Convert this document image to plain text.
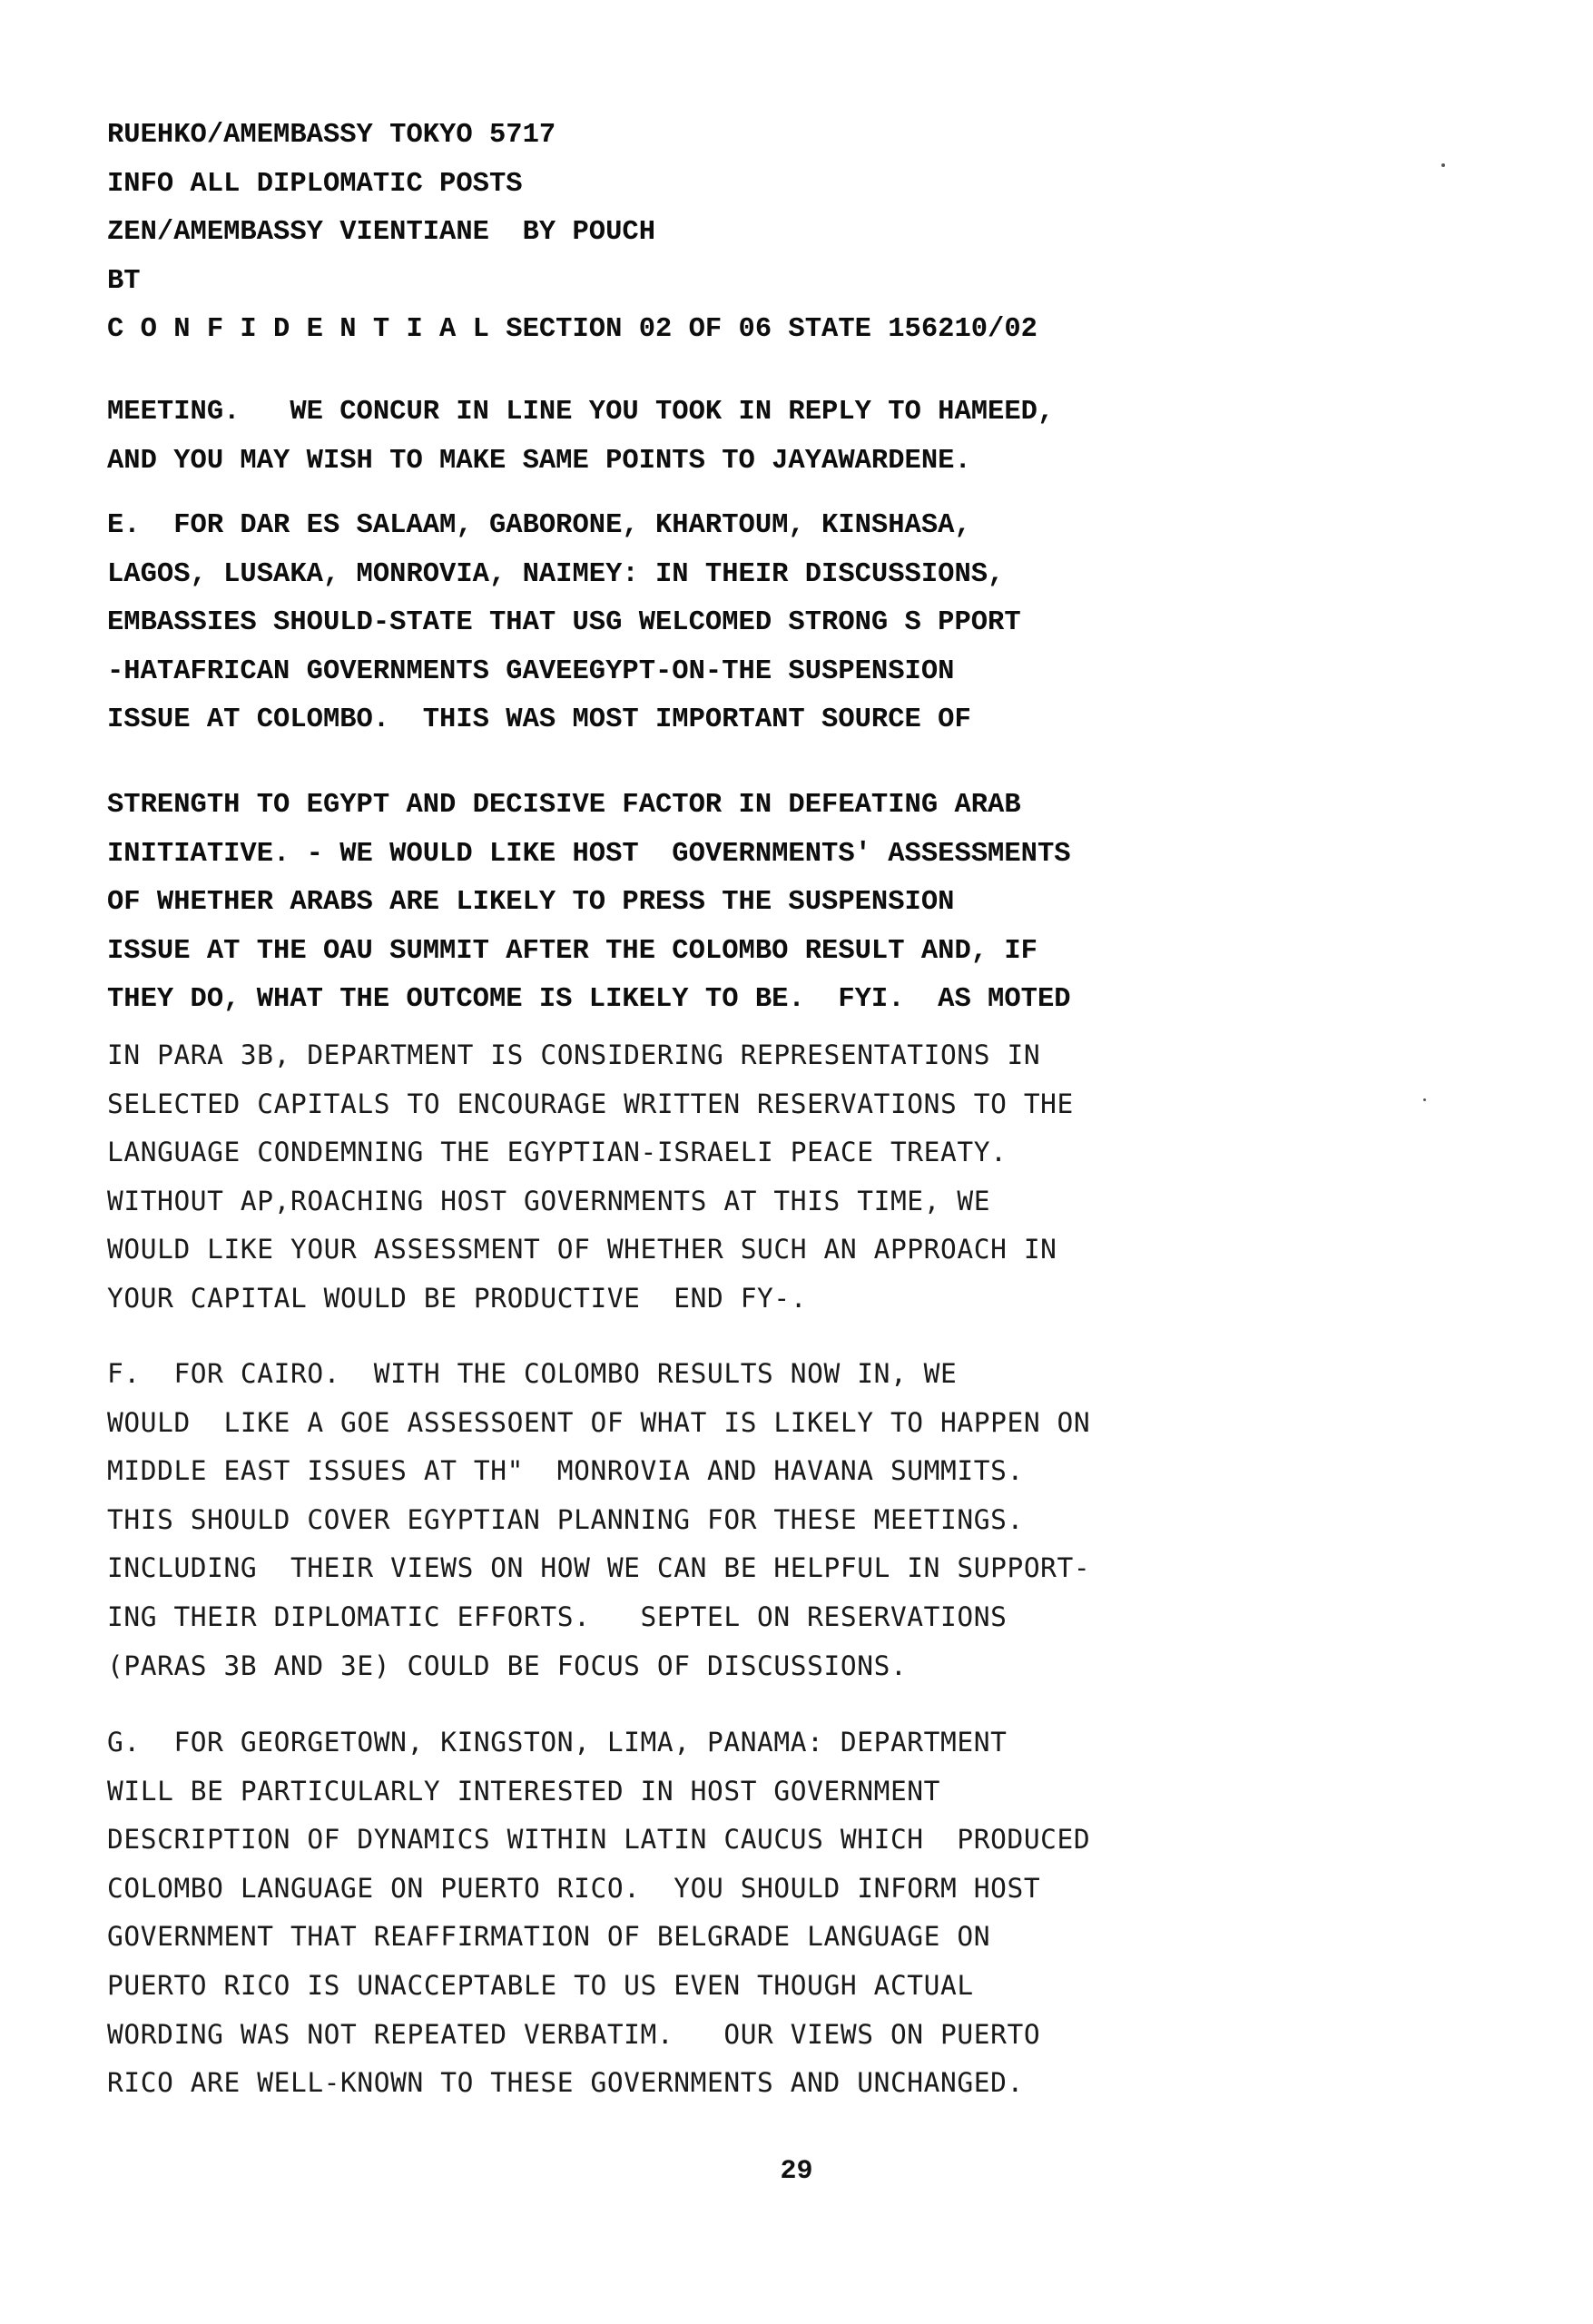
RUEHKO/AMEMBASSY TOKYO 5717
INFO ALL DIPLOMATIC POSTS
ZEN/AMEMBASSY VIENTIANE  BY POUCH
BT
C O N F I D E N T I A L SECTION 02 OF 06 STATE 156210/02
MEETING.   WE CONCUR IN LINE YOU TOOK IN REPLY TO HAMEED,
AND YOU MAY WISH TO MAKE SAME POINTS TO JAYAWARDENE.
E.  FOR DAR ES SALAAM, GABORONE, KHARTOUM, KINSHASA,
LAGOS, LUSAKA, MONROVIA, NAIMEY: IN THEIR DISCUSSIONS,
EMBASSIES SHOULD-STATE THAT USG WELCOMED STRONG S PPORT
-HATAFRICAN GOVERNMENTS GAVEEGYPT-ON-THE SUSPENSION
ISSUE AT COLOMBO.  THIS WAS MOST IMPORTANT SOURCE OF
STRENGTH TO EGYPT AND DECISIVE FACTOR IN DEFEATING ARAB
INITIATIVE. - WE WOULD LIKE HOST  GOVERNMENTS' ASSESSMENTS
OF WHETHER ARABS ARE LIKELY TO PRESS THE SUSPENSION
ISSUE AT THE OAU SUMMIT AFTER THE COLOMBO RESULT AND, IF
THEY DO, WHAT THE OUTCOME IS LIKELY TO BE.  FYI.  AS MOTED
IN PARA 3B, DEPARTMENT IS CONSIDERING REPRESENTATIONS IN
SELECTED CAPITALS TO ENCOURAGE WRITTEN RESERVATIONS TO THE
LANGUAGE CONDEMNING THE EGYPTIAN-ISRAELI PEACE TREATY.
WITHOUT AP,ROACHING HOST GOVERNMENTS AT THIS TIME, WE
WOULD LIKE YOUR ASSESSMENT OF WHETHER SUCH AN APPROACH IN
YOUR CAPITAL WOULD BE PRODUCTIVE  END FY-.
F.  FOR CAIRO.  WITH THE COLOMBO RESULTS NOW IN, WE
WOULD  LIKE A GOE ASSESSOENT OF WHAT IS LIKELY TO HAPPEN ON
MIDDLE EAST ISSUES AT TH"  MONROVIA AND HAVANA SUMMITS.
THIS SHOULD COVER EGYPTIAN PLANNING FOR THESE MEETINGS.
INCLUDING  THEIR VIEWS ON HOW WE CAN BE HELPFUL IN SUPPORT-
ING THEIR DIPLOMATIC EFFORTS.   SEPTEL ON RESERVATIONS
(PARAS 3B AND 3E) COULD BE FOCUS OF DISCUSSIONS.
G.  FOR GEORGETOWN, KINGSTON, LIMA, PANAMA: DEPARTMENT
WILL BE PARTICULARLY INTERESTED IN HOST GOVERNMENT
DESCRIPTION OF DYNAMICS WITHIN LATIN CAUCUS WHICH  PRODUCED
COLOMBO LANGUAGE ON PUERTO RICO.  YOU SHOULD INFORM HOST
GOVERNMENT THAT REAFFIRMATION OF BELGRADE LANGUAGE ON
PUERTO RICO IS UNACCEPTABLE TO US EVEN THOUGH ACTUAL
WORDING WAS NOT REPEATED VERBATIM.   OUR VIEWS ON PUERTO
RICO ARE WELL-KNOWN TO THESE GOVERNMENTS AND UNCHANGED.
29
